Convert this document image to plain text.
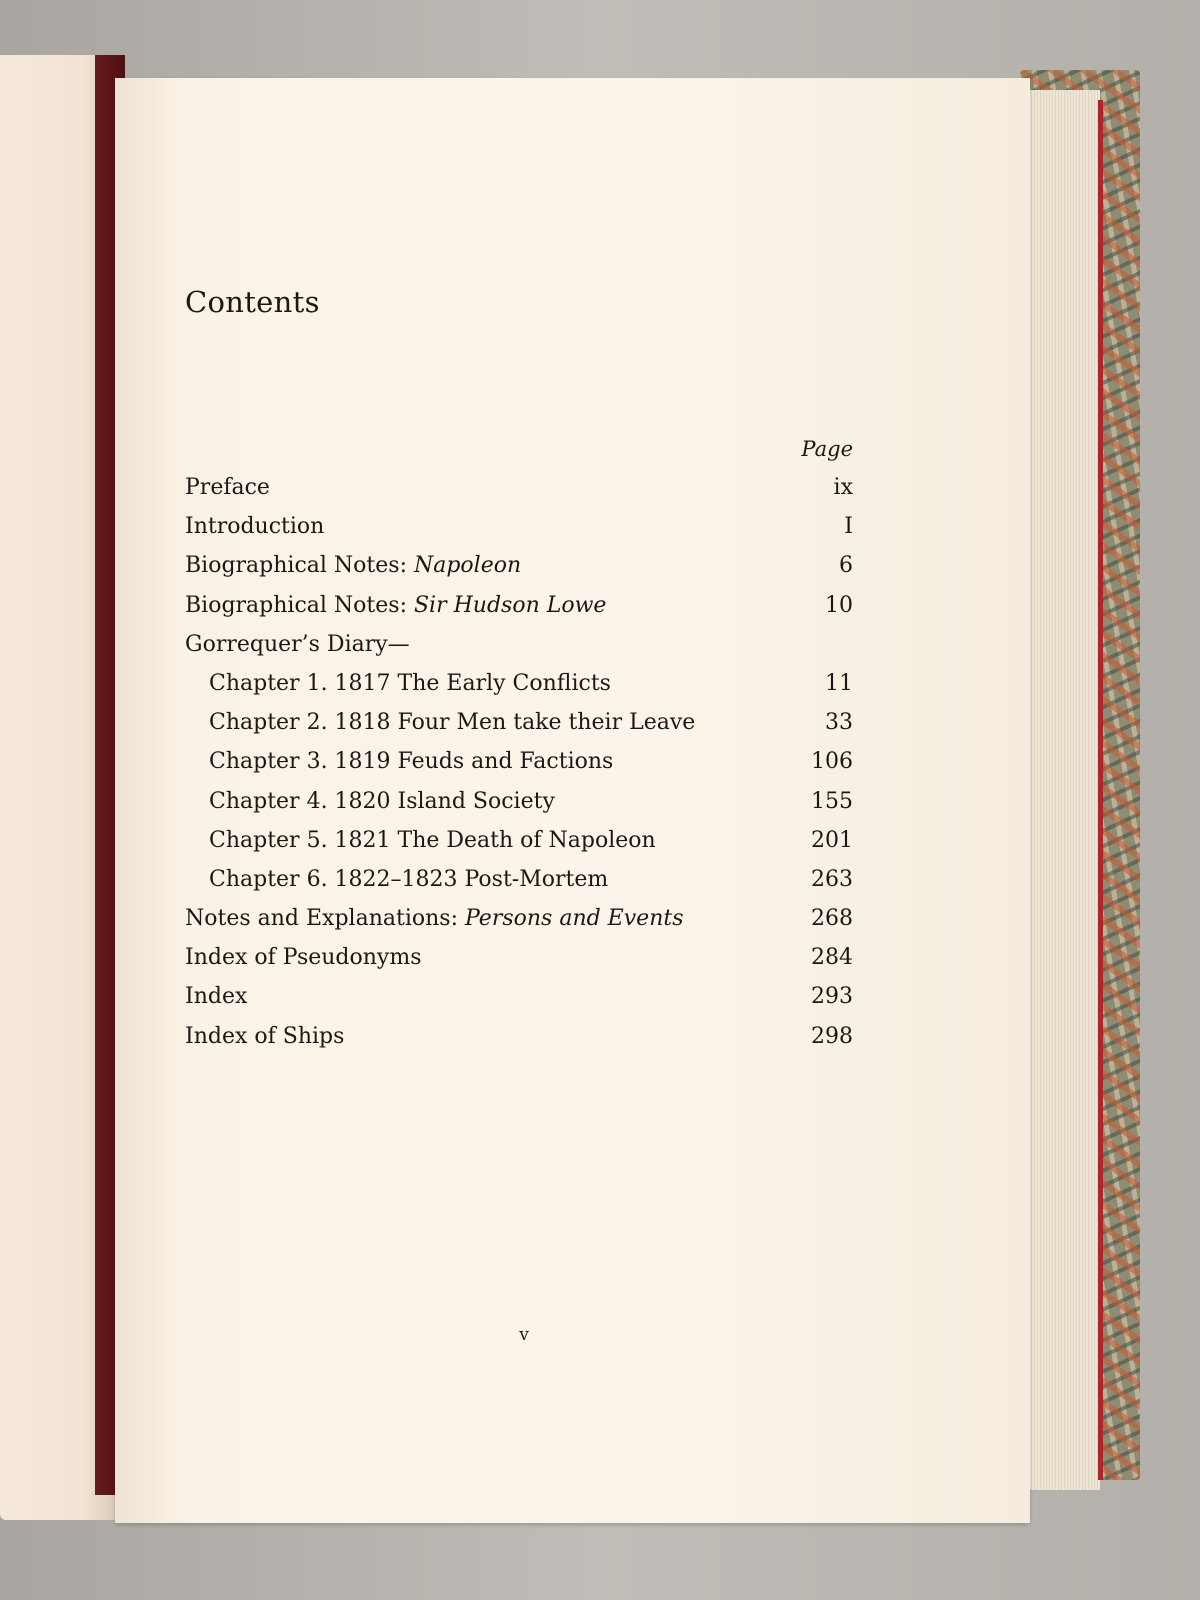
Contents
Page
Preface	ix
Introduction	I
Biographical Notes: Napoleon	6
Biographical Notes: Sir Hudson Lowe	10
Gorrequer’s Diary—
Chapter 1. 1817 The Early Conflicts	11
Chapter 2. 1818 Four Men take their Leave	33
Chapter 3. 1819 Feuds and Factions	106
Chapter 4. 1820 Island Society	155
Chapter 5. 1821 The Death of Napoleon	201
Chapter 6. 1822–1823 Post-Mortem	263
Notes and Explanations: Persons and Events	268
Index of Pseudonyms	284
Index	293
Index of Ships	298
v
